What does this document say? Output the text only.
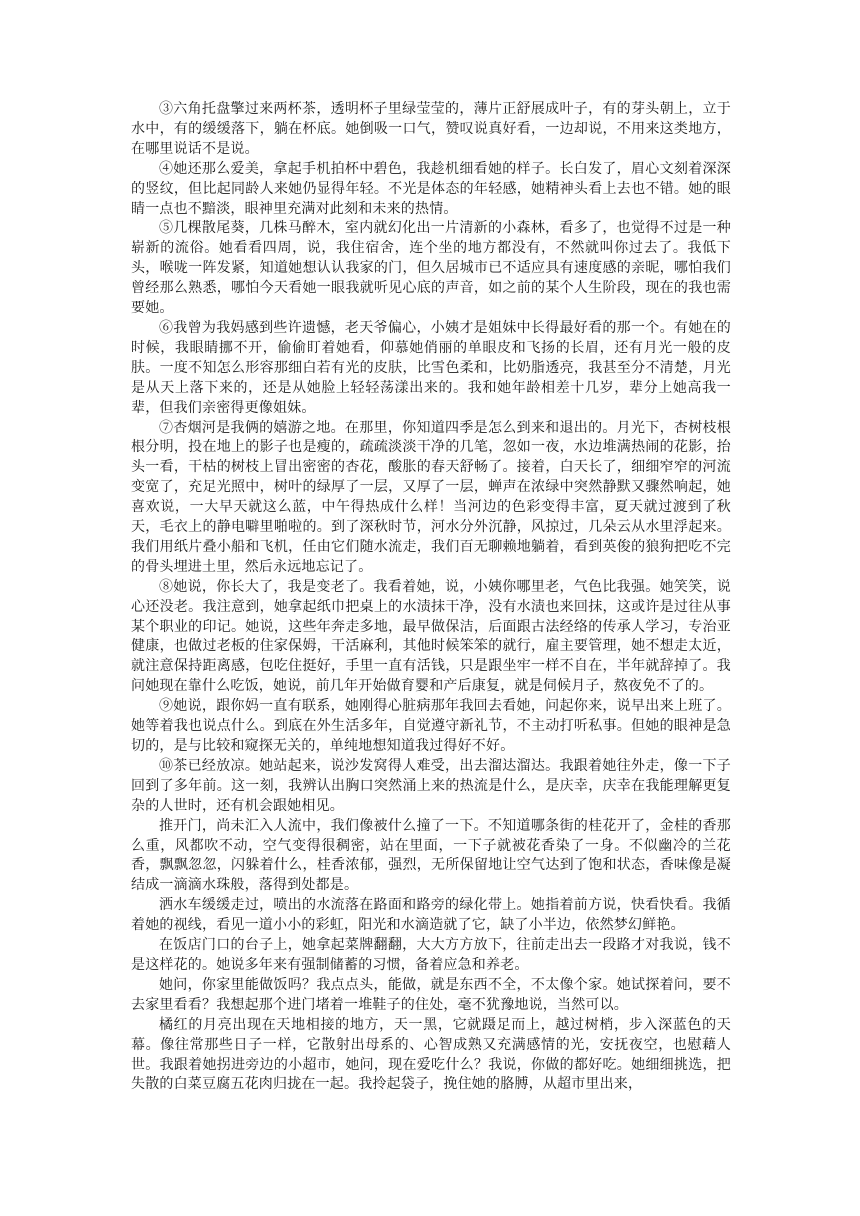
③六角托盘擎过来两杯茶，透明杯子里绿莹莹的，薄片正舒展成叶子，有的芽头朝上，立于水中，有的缓缓落下，躺在杯底。她倒吸一口气，赞叹说真好看，一边却说，不用来这类地方，在哪里说话不是说。

④她还那么爱美，拿起手机拍杯中碧色，我趁机细看她的样子。长白发了，眉心文刻着深深的竖纹，但比起同龄人来她仍显得年轻。不光是体态的年轻感，她精神头看上去也不错。她的眼睛一点也不黯淡，眼神里充满对此刻和未来的热情。

⑤几棵散尾葵，几株马醉木，室内就幻化出一片清新的小森林，看多了，也觉得不过是一种崭新的流俗。她看看四周，说，我住宿舍，连个坐的地方都没有，不然就叫你过去了。我低下头，喉咙一阵发紧，知道她想认认我家的门，但久居城市已不适应具有速度感的亲昵，哪怕我们曾经那么熟悉，哪怕今天看她一眼我就听见心底的声音，如之前的某个人生阶段，现在的我也需要她。

⑥我曾为我妈感到些许遗憾，老天爷偏心，小姨才是姐妹中长得最好看的那一个。有她在的时候，我眼睛挪不开，偷偷盯着她看，仰慕她俏丽的单眼皮和飞扬的长眉，还有月光一般的皮肤。一度不知怎么形容那细白若有光的皮肤，比雪色柔和，比奶脂透亮，我甚至分不清楚，月光是从天上落下来的，还是从她脸上轻轻荡漾出来的。我和她年龄相差十几岁，辈分上她高我一辈，但我们亲密得更像姐妹。

⑦杏烟河是我俩的嬉游之地。在那里，你知道四季是怎么到来和退出的。月光下，杏树枝根根分明，投在地上的影子也是瘦的，疏疏淡淡干净的几笔，忽如一夜，水边堆满热闹的花影，抬头一看，干枯的树枝上冒出密密的杏花，酸胀的春天舒畅了。接着，白天长了，细细窄窄的河流变宽了，充足光照中，树叶的绿厚了一层，又厚了一层，蝉声在浓绿中突然静默又骤然响起，她喜欢说，一大早天就这么蓝，中午得热成什么样！当河边的色彩变得丰富，夏天就过渡到了秋天，毛衣上的静电噼里啪啦的。到了深秋时节，河水分外沉静，风掠过，几朵云从水里浮起来。我们用纸片叠小船和飞机，任由它们随水流走，我们百无聊赖地躺着，看到英俊的狼狗把吃不完的骨头埋进土里，然后永远地忘记了。

⑧她说，你长大了，我是变老了。我看着她，说，小姨你哪里老，气色比我强。她笑笑，说心还没老。我注意到，她拿起纸巾把桌上的水渍抹干净，没有水渍也来回抹，这或许是过往从事某个职业的印记。她说，这些年奔走多地，最早做保洁，后面跟古法经络的传承人学习，专治亚健康，也做过老板的住家保姆，干活麻利，其他时候笨笨的就行，雇主要管理，她不想走太近，就注意保持距离感，包吃住挺好，手里一直有活钱，只是跟坐牢一样不自在，半年就辞掉了。我问她现在靠什么吃饭，她说，前几年开始做育婴和产后康复，就是伺候月子，熬夜免不了的。

⑨她说，跟你妈一直有联系，她刚得心脏病那年我回去看她，问起你来，说早出来上班了。她等着我也说点什么。到底在外生活多年，自觉遵守新礼节，不主动打听私事。但她的眼神是急切的，是与比较和窥探无关的，单纯地想知道我过得好不好。

⑩茶已经放凉。她站起来，说沙发窝得人难受，出去溜达溜达。我跟着她往外走，像一下子回到了多年前。这一刻，我辨认出胸口突然涌上来的热流是什么，是庆幸，庆幸在我能理解更复杂的人世时，还有机会跟她相见。

推开门，尚未汇入人流中，我们像被什么撞了一下。不知道哪条街的桂花开了，金桂的香那么重，风都吹不动，空气变得很稠密，站在里面，一下子就被花香染了一身。不似幽冷的兰花香，飘飘忽忽，闪躲着什么，桂香浓郁，强烈，无所保留地让空气达到了饱和状态，香味像是凝结成一滴滴水珠般，落得到处都是。

洒水车缓缓走过，喷出的水流落在路面和路旁的绿化带上。她指着前方说，快看快看。我循着她的视线，看见一道小小的彩虹，阳光和水滴造就了它，缺了小半边，依然梦幻鲜艳。

在饭店门口的台子上，她拿起菜牌翻翻，大大方方放下，往前走出去一段路才对我说，钱不是这样花的。她说多年来有强制储蓄的习惯，备着应急和养老。

她问，你家里能做饭吗？我点点头，能做，就是东西不全，不太像个家。她试探着问，要不去家里看看？我想起那个进门堵着一堆鞋子的住处，毫不犹豫地说，当然可以。

橘红的月亮出现在天地相接的地方，天一黑，它就蹑足而上，越过树梢，步入深蓝色的天幕。像往常那些日子一样，它散射出母系的、心智成熟又充满感情的光，安抚夜空，也慰藉人世。我跟着她拐进旁边的小超市，她问，现在爱吃什么？我说，你做的都好吃。她细细挑选，把失散的白菜豆腐五花肉归拢在一起。我拎起袋子，挽住她的胳膊，从超市里出来，
